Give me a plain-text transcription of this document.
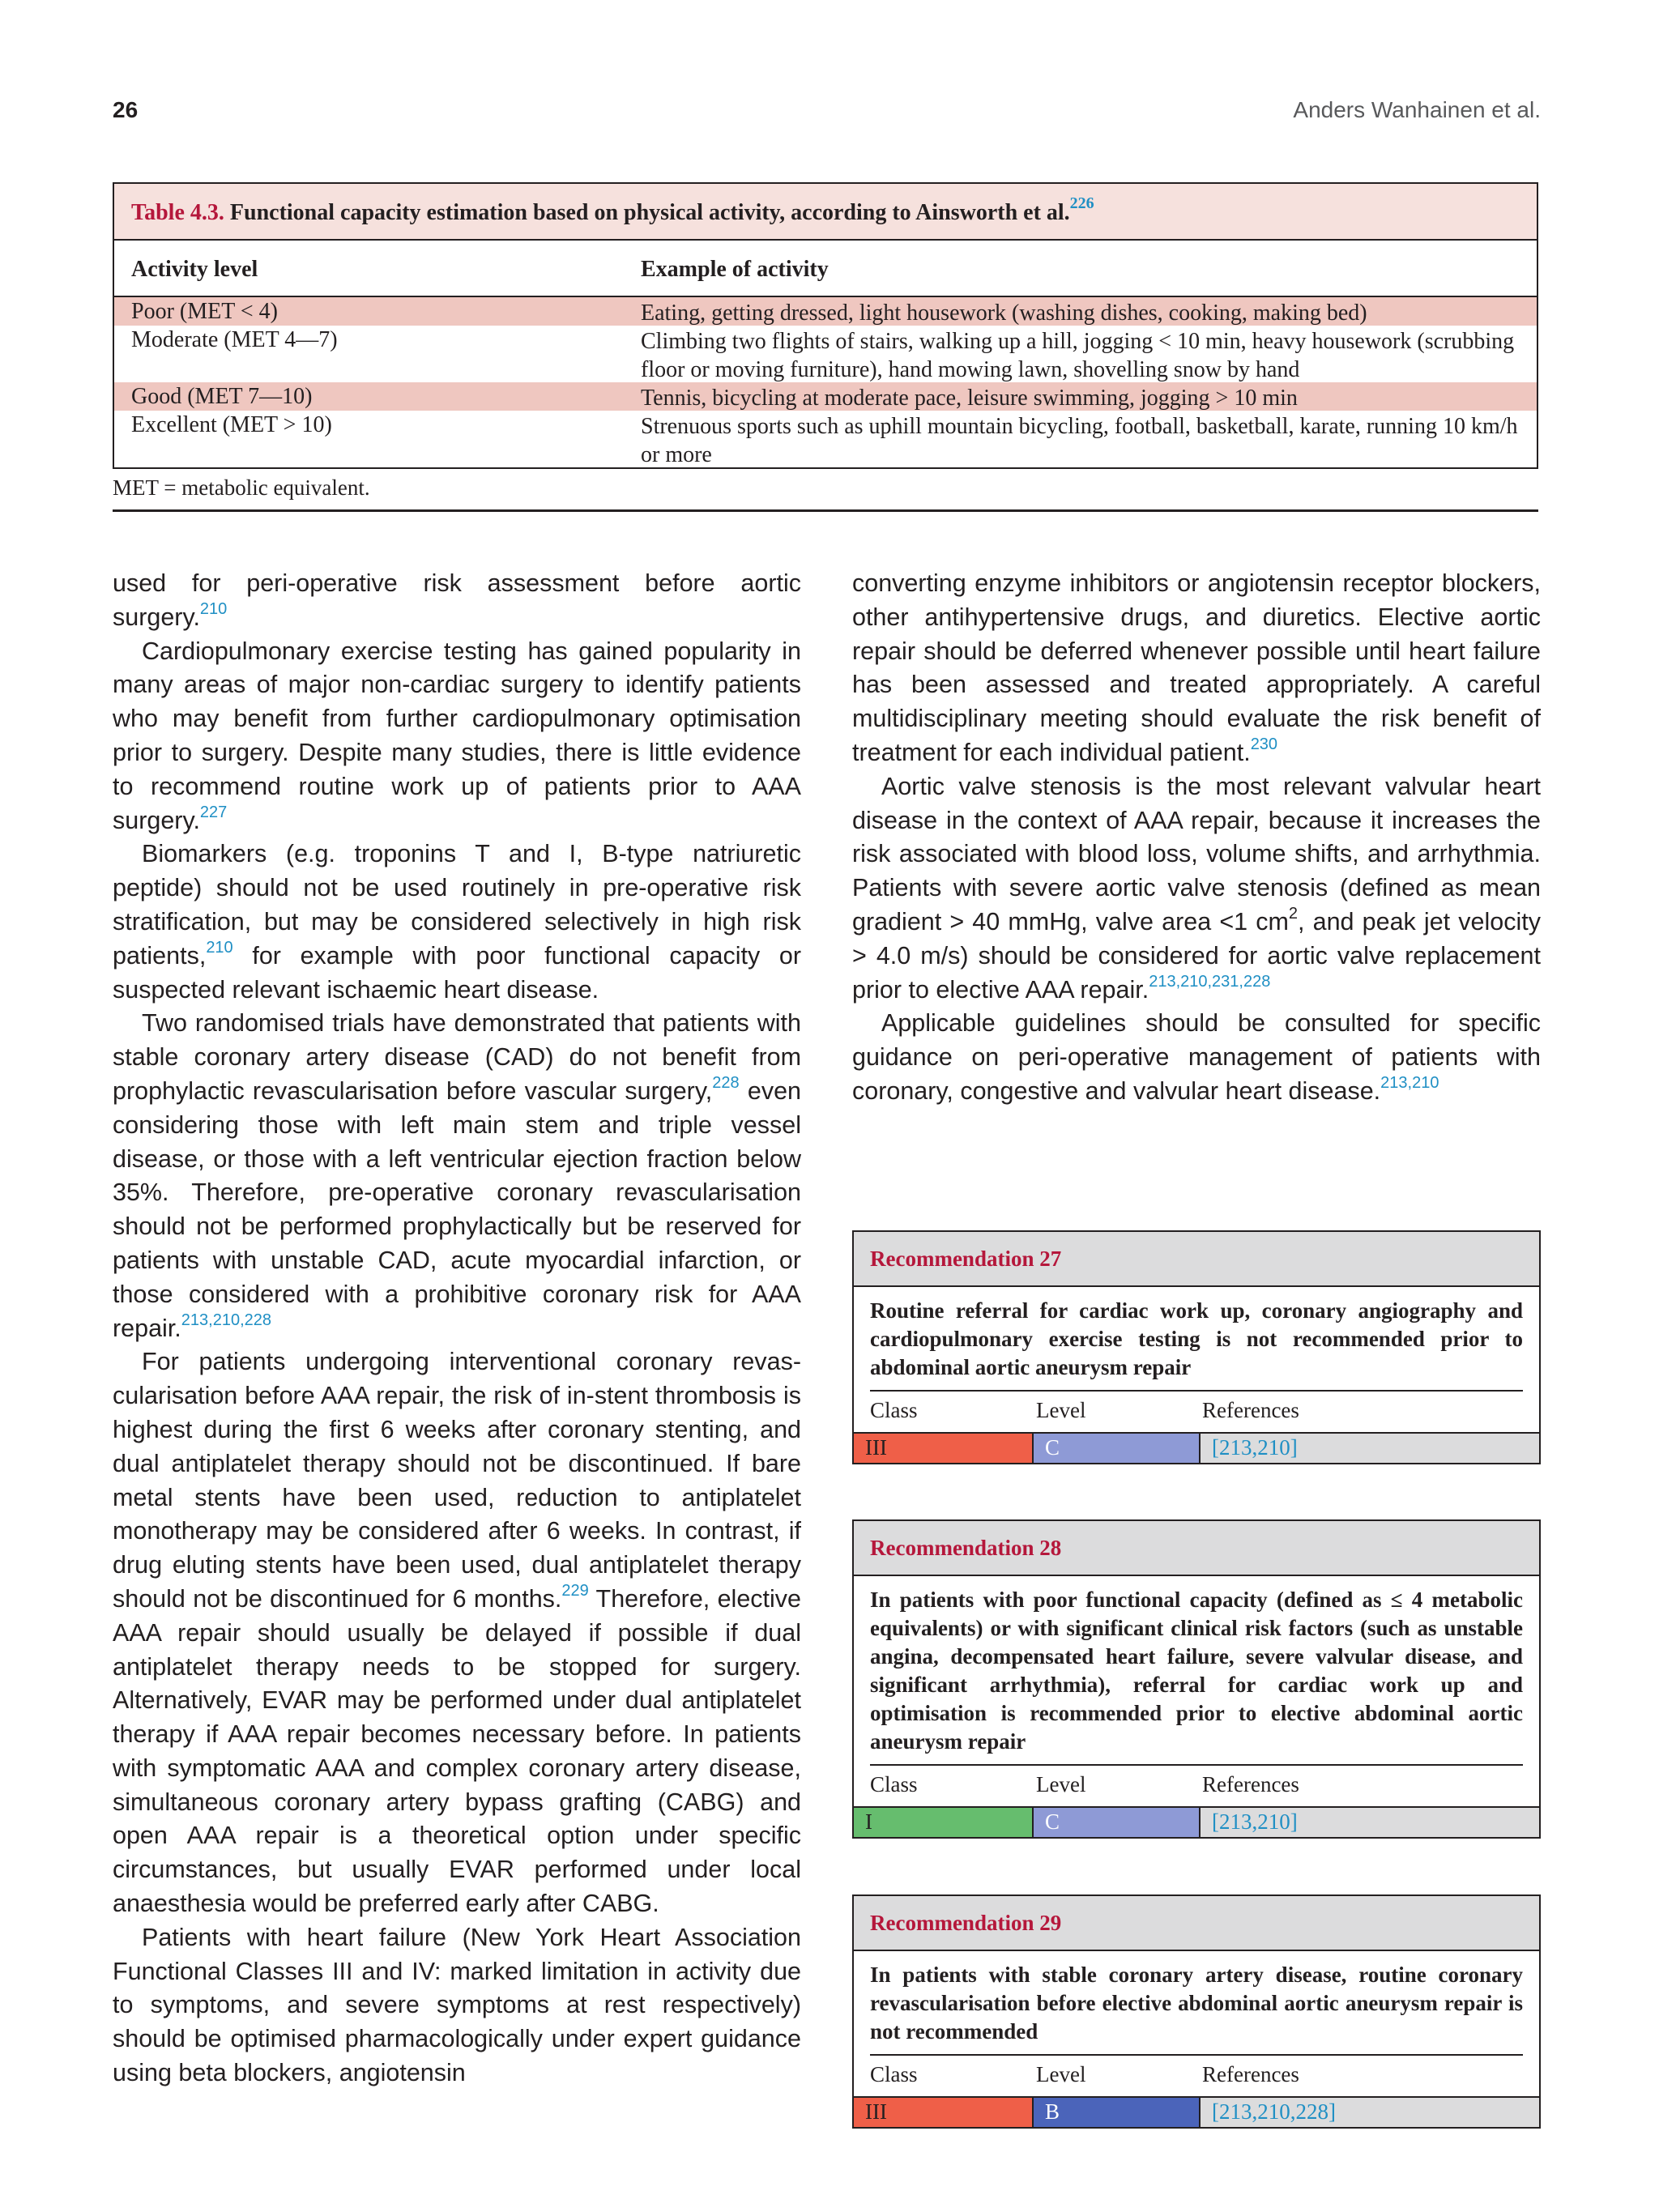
26	Anders Wanhainen et al.
Table 4.3. Functional capacity estimation based on physical activity, according to Ainsworth et al.$^{226}$
Activity level	Example of activity
Poor (MET < 4)	Eating, getting dressed, light housework (washing dishes, cooking, making bed)
Moderate (MET 4—7)	Climbing two flights of stairs, walking up a hill, jogging < 10 min, heavy housework (scrubbing floor or moving furniture), hand mowing lawn, shovelling snow by hand
Good (MET 7—10)	Tennis, bicycling at moderate pace, leisure swimming, jogging > 10 min
Excellent (MET > 10)	Strenuous sports such as uphill mountain bicycling, football, basketball, karate, running 10 km/h or more
MET = metabolic equivalent.

used for peri-operative risk assessment before aortic surgery.$^{210}$

Cardiopulmonary exercise testing has gained popularity in many areas of major non-cardiac surgery to identify patients who may benefit from further cardiopulmonary optimisation prior to surgery. Despite many studies, there is little evidence to recommend routine work up of patients prior to AAA surgery.$^{227}$

Biomarkers (e.g. troponins T and I, B-type natriuretic peptide) should not be used routinely in pre-operative risk stratification, but may be considered selectively in high risk patients,$^{210}$ for example with poor functional capacity or suspected relevant ischaemic heart disease.

Two randomised trials have demonstrated that patients with stable coronary artery disease (CAD) do not benefit from prophylactic revascularisation before vascular surgery,$^{228}$ even considering those with left main stem and triple vessel disease, or those with a left ventricular ejection fraction below 35%. Therefore, pre-operative coronary revascularisation should not be performed prophylactically but be reserved for patients with unstable CAD, acute myocardial infarction, or those considered with a prohibitive coronary risk for AAA repair.$^{213,210,228}$

For patients undergoing interventional coronary revascularisation before AAA repair, the risk of in-stent thrombosis is highest during the first 6 weeks after coronary stenting, and dual antiplatelet therapy should not be discontinued. If bare metal stents have been used, reduction to antiplatelet monotherapy may be considered after 6 weeks. In contrast, if drug eluting stents have been used, dual antiplatelet therapy should not be discontinued for 6 months.$^{229}$ Therefore, elective AAA repair should usually be delayed if possible if dual antiplatelet therapy needs to be stopped for surgery. Alternatively, EVAR may be performed under dual antiplatelet therapy if AAA repair becomes necessary before. In patients with symptomatic AAA and complex coronary artery disease, simultaneous coronary artery bypass grafting (CABG) and open AAA repair is a theoretical option under specific circumstances, but usually EVAR performed under local anaesthesia would be preferred early after CABG.

Patients with heart failure (New York Heart Association Functional Classes III and IV: marked limitation in activity due to symptoms, and severe symptoms at rest respectively) should be optimised pharmacologically under expert guidance using beta blockers, angiotensin

converting enzyme inhibitors or angiotensin receptor blockers, other antihypertensive drugs, and diuretics. Elective aortic repair should be deferred whenever possible until heart failure has been assessed and treated appropriately. A careful multidisciplinary meeting should evaluate the risk benefit of treatment for each individual patient.$^{230}$

Aortic valve stenosis is the most relevant valvular heart disease in the context of AAA repair, because it increases the risk associated with blood loss, volume shifts, and arrhythmia. Patients with severe aortic valve stenosis (defined as mean gradient > 40 mmHg, valve area <1 $cm^2$, and peak jet velocity > 4.0 m/s) should be considered for aortic valve replacement prior to elective AAA repair.$^{213,210,231,228}$

Applicable guidelines should be consulted for specific guidance on peri-operative management of patients with coronary, congestive and valvular heart disease.$^{213,210}$

Recommendation 27
Routine referral for cardiac work up, coronary angiography and cardiopulmonary exercise testing is not recommended prior to abdominal aortic aneurysm repair
Class	Level	References
III	C	[213,210]
Recommendation 28
In patients with poor functional capacity (defined as ≤ 4 metabolic equivalents) or with significant clinical risk factors (such as unstable angina, decompensated heart failure, severe valvular disease, and significant arrhythmia), referral for cardiac work up and optimisation is recommended prior to elective abdominal aortic aneurysm repair
Class	Level	References
I	C	[213,210]
Recommendation 29
In patients with stable coronary artery disease, routine coronary revascularisation before elective abdominal aortic aneurysm repair is not recommended
Class	Level	References
III	B	[213,210,228]
